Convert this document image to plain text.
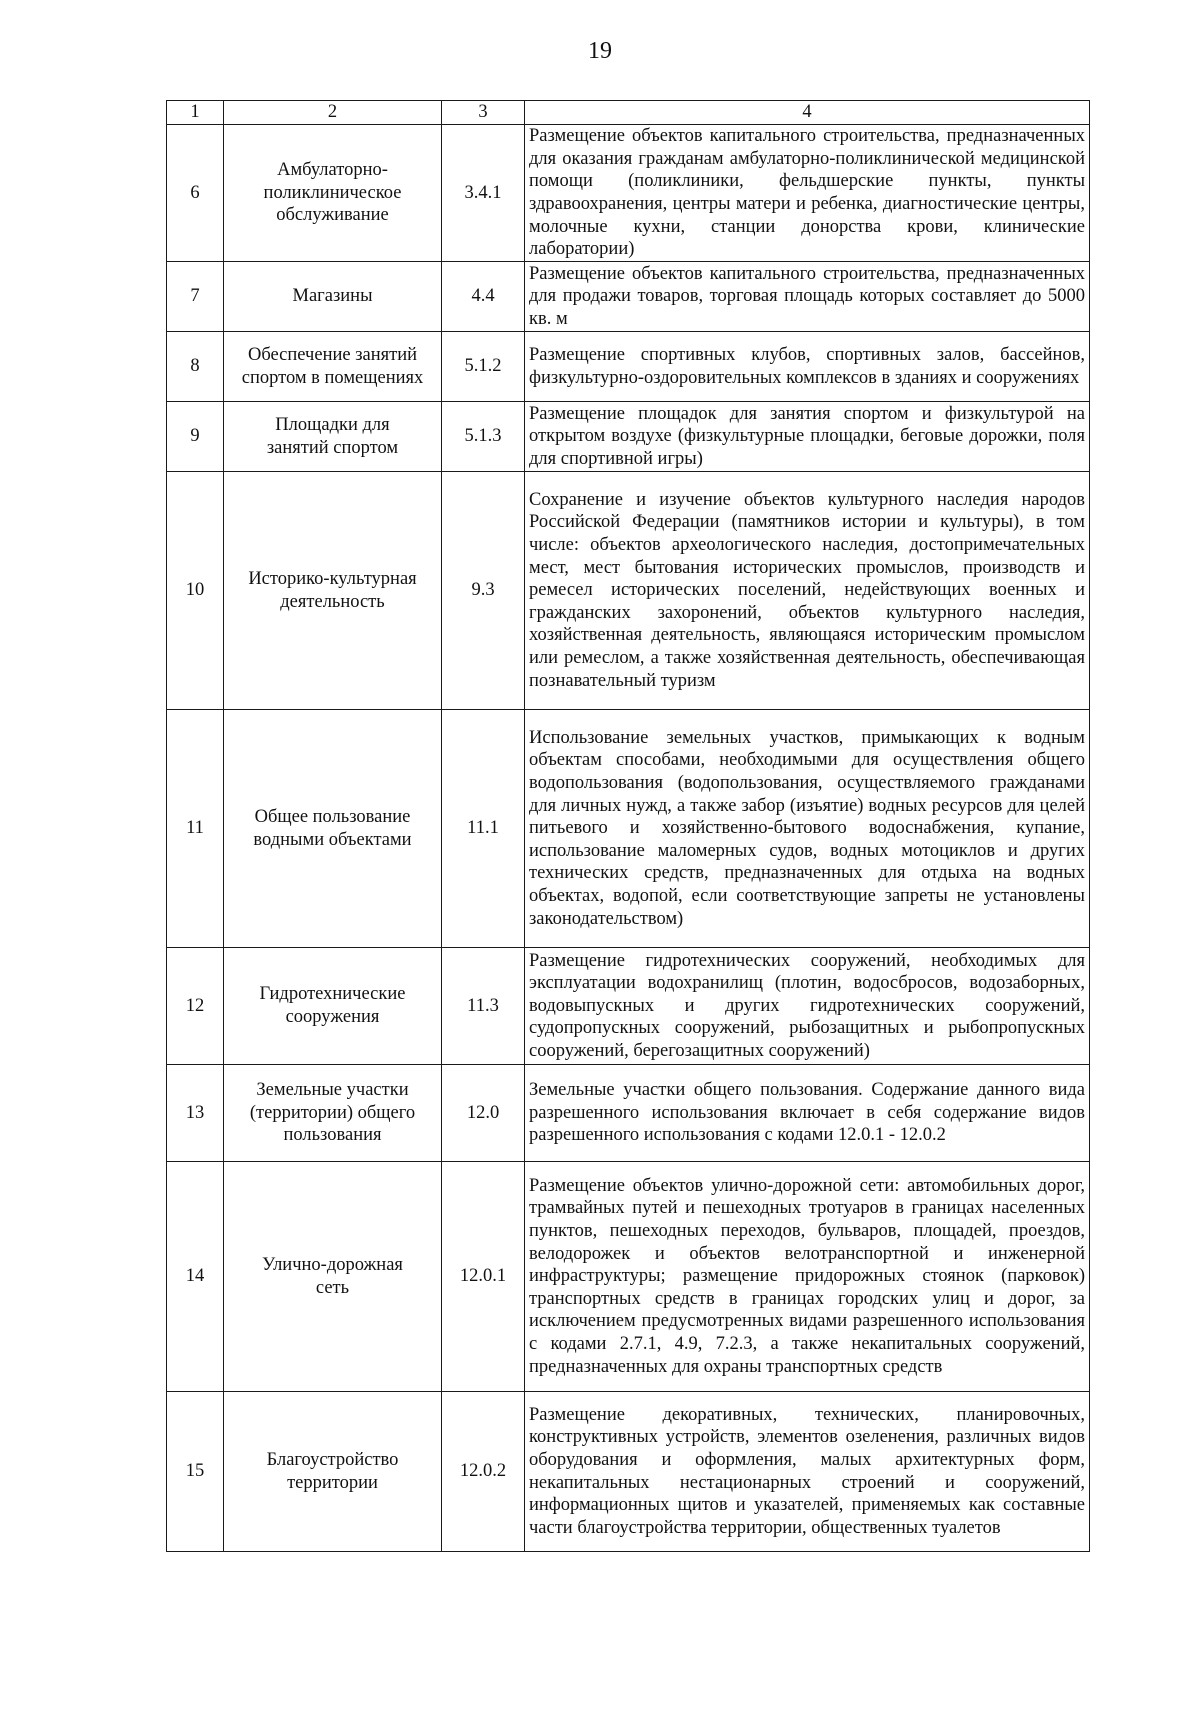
19
1	2	3	4
6	Амбулаторно-поликлиническое обслуживание	3.4.1	Размещение объектов капитального строительства, предназначенных для оказания гражданам амбулаторно-поликлинической медицинской помощи (поликлиники, фельдшерские пункты, пункты здравоохранения, центры матери и ребенка, диагностические центры, молочные кухни, станции донорства крови, клинические лаборатории)
7	Магазины	4.4	Размещение объектов капитального строительства, предназначенных для продажи товаров, торговая площадь которых составляет до 5000 кв. м
8	Обеспечение занятий спортом в помещениях	5.1.2	Размещение спортивных клубов, спортивных залов, бассейнов, физкультурно-оздоровительных комплексов в зданиях и сооружениях
9	Площадки для занятий спортом	5.1.3	Размещение площадок для занятия спортом и физкультурой на открытом воздухе (физкультурные площадки, беговые дорожки, поля для спортивной игры)
10	Историко-культурная деятельность	9.3	Сохранение и изучение объектов культурного наследия народов Российской Федерации (памятников истории и культуры), в том числе: объектов археологического наследия, достопримечательных мест, мест бытования исторических промыслов, производств и ремесел исторических поселений, недействующих военных и гражданских захоронений, объектов культурного наследия, хозяйственная деятельность, являющаяся историческим промыслом или ремеслом, а также хозяйственная деятельность, обеспечивающая познавательный туризм
11	Общее пользование водными объектами	11.1	Использование земельных участков, примыкающих к водным объектам способами, необходимыми для осуществления общего водопользования (водопользования, осуществляемого гражданами для личных нужд, а также забор (изъятие) водных ресурсов для целей питьевого и хозяйственно-бытового водоснабжения, купание, использование маломерных судов, водных мотоциклов и других технических средств, предназначенных для отдыха на водных объектах, водопой, если соответствующие запреты не установлены законодательством)
12	Гидротехнические сооружения	11.3	Размещение гидротехнических сооружений, необходимых для эксплуатации водохранилищ (плотин, водосбросов, водозаборных, водовыпускных и других гидротехнических сооружений, судопропускных сооружений, рыбозащитных и рыбопропускных сооружений, берегозащитных сооружений)
13	Земельные участки (территории) общего пользования	12.0	Земельные участки общего пользования. Содержание данного вида разрешенного использования включает в себя содержание видов разрешенного использования с кодами 12.0.1 - 12.0.2
14	Улично-дорожная сеть	12.0.1	Размещение объектов улично-дорожной сети: автомобильных дорог, трамвайных путей и пешеходных тротуаров в границах населенных пунктов, пешеходных переходов, бульваров, площадей, проездов, велодорожек и объектов велотранспортной и инженерной инфраструктуры; размещение придорожных стоянок (парковок) транспортных средств в границах городских улиц и дорог, за исключением предусмотренных видами разрешенного использования с кодами 2.7.1, 4.9, 7.2.3, а также некапитальных сооружений, предназначенных для охраны транспортных средств
15	Благоустройство территории	12.0.2	Размещение декоративных, технических, планировочных, конструктивных устройств, элементов озеленения, различных видов оборудования и оформления, малых архитектурных форм, некапитальных нестационарных строений и сооружений, информационных щитов и указателей, применяемых как составные части благоустройства территории, общественных туалетов
